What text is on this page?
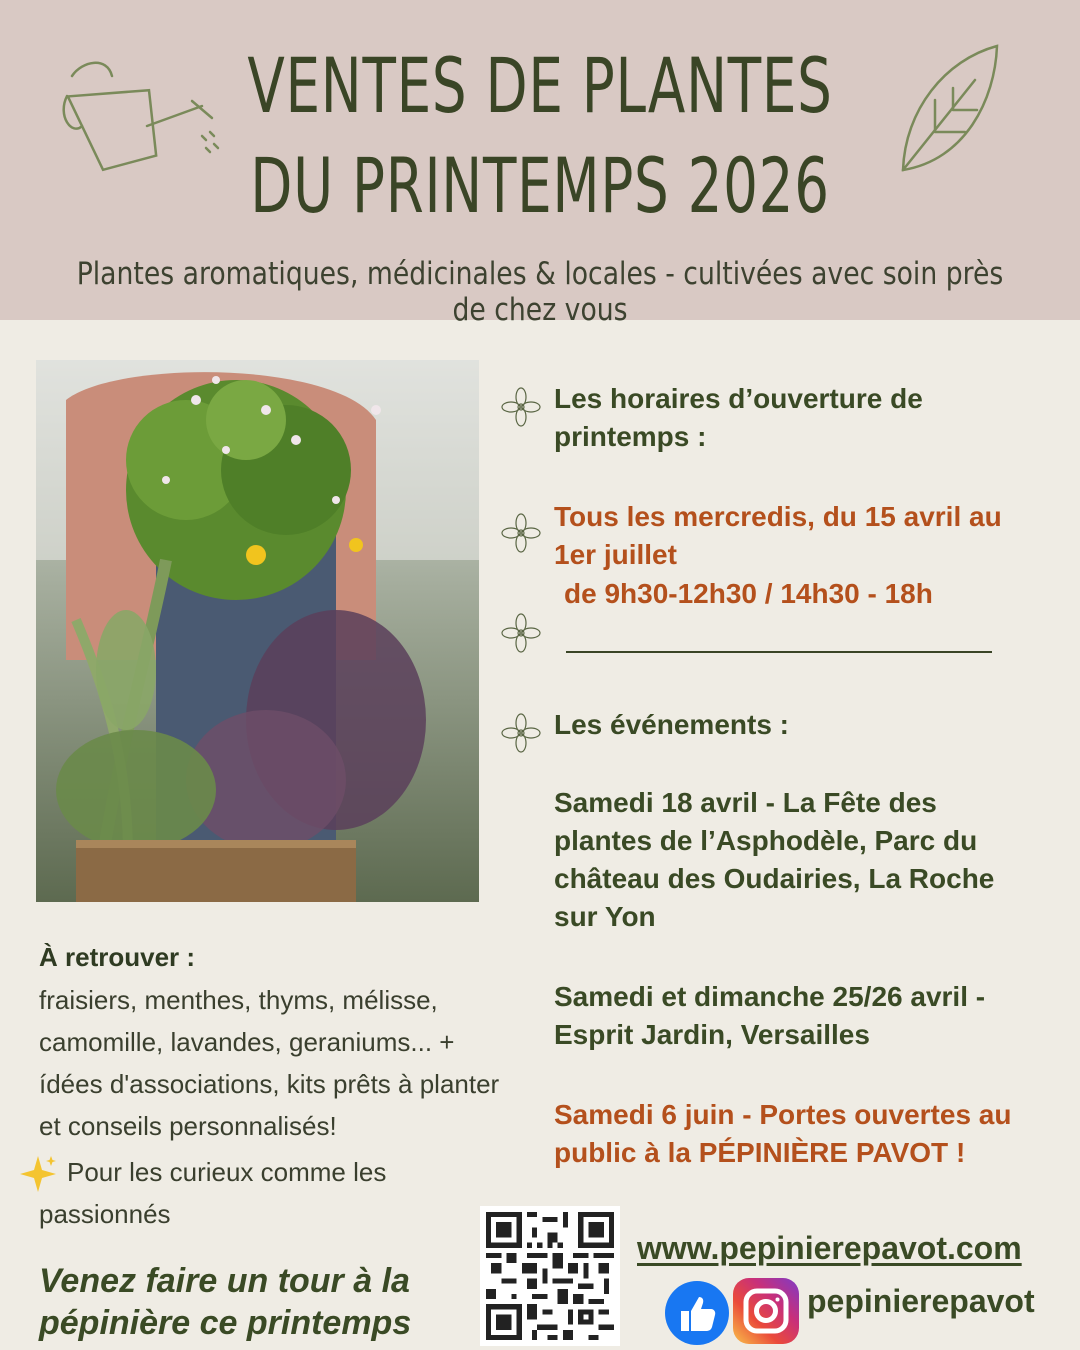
VENTES DE PLANTES
DU PRINTEMPS 2026
Plantes aromatiques, médicinales & locales - cultivées avec soin près de chez vous
Les horaires d’ouverture de printemps :
Tous les mercredis, du 15 avril au 1er juillet
de 9h30-12h30 / 14h30 - 18h
Les événements :
Samedi 18 avril - La Fête des plantes de l’Asphodèle, Parc du château des Oudairies, La Roche sur Yon
Samedi et dimanche 25/26 avril - Esprit Jardin, Versailles
Samedi 6 juin - Portes ouvertes au public à la PÉPINIÈRE PAVOT !
À retrouver :
fraisiers, menthes, thyms, mélisse, camomille, lavandes, geraniums... + ídées d'associations, kits prêts à planter et conseils personnalisés!
Pour les curieux comme les passionnés
Venez faire un tour à la pépinière ce printemps
www.pepinierepavot.com
pepinierepavot
